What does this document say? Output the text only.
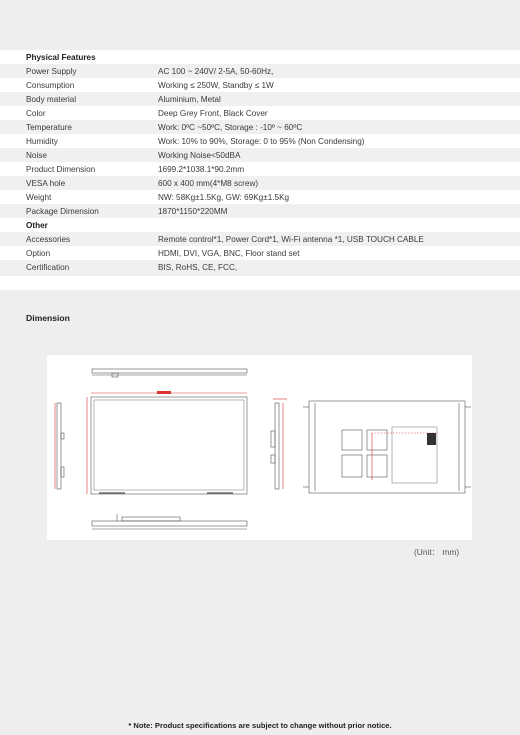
Physical Features
Power Supply	AC 100 ~ 240V/ 2-5A, 50-60Hz,
Consumption	Working ≤ 250W, Standby ≤ 1W
Body material	Aluminium, Metal
Color	Deep Grey Front, Black Cover
Temperature	Work: 0ºC ~50ºC, Storage : -10º ~ 60ºC
Humidity	Work: 10% to 90%, Storage: 0 to 95% (Non Condensing)
Noise	Working Noise<50dBA
Product Dimension	1699.2*1038.1*90.2mm
VESA hole	600 x 400 mm(4*M8 screw)
Weight	NW: 58Kg±1.5Kg, GW: 69Kg±1.5Kg
Package Dimension	1870*1150*220MM
Other
Accessories	Remote control*1, Power Cord*1, Wi-Fi antenna *1, USB TOUCH CABLE
Option	HDMI, DVI, VGA, BNC, Floor stand set
Certification	BIS, RoHS, CE, FCC,
Dimension
(Unit： mm)
* Note: Product specifications are subject to change without prior notice.
